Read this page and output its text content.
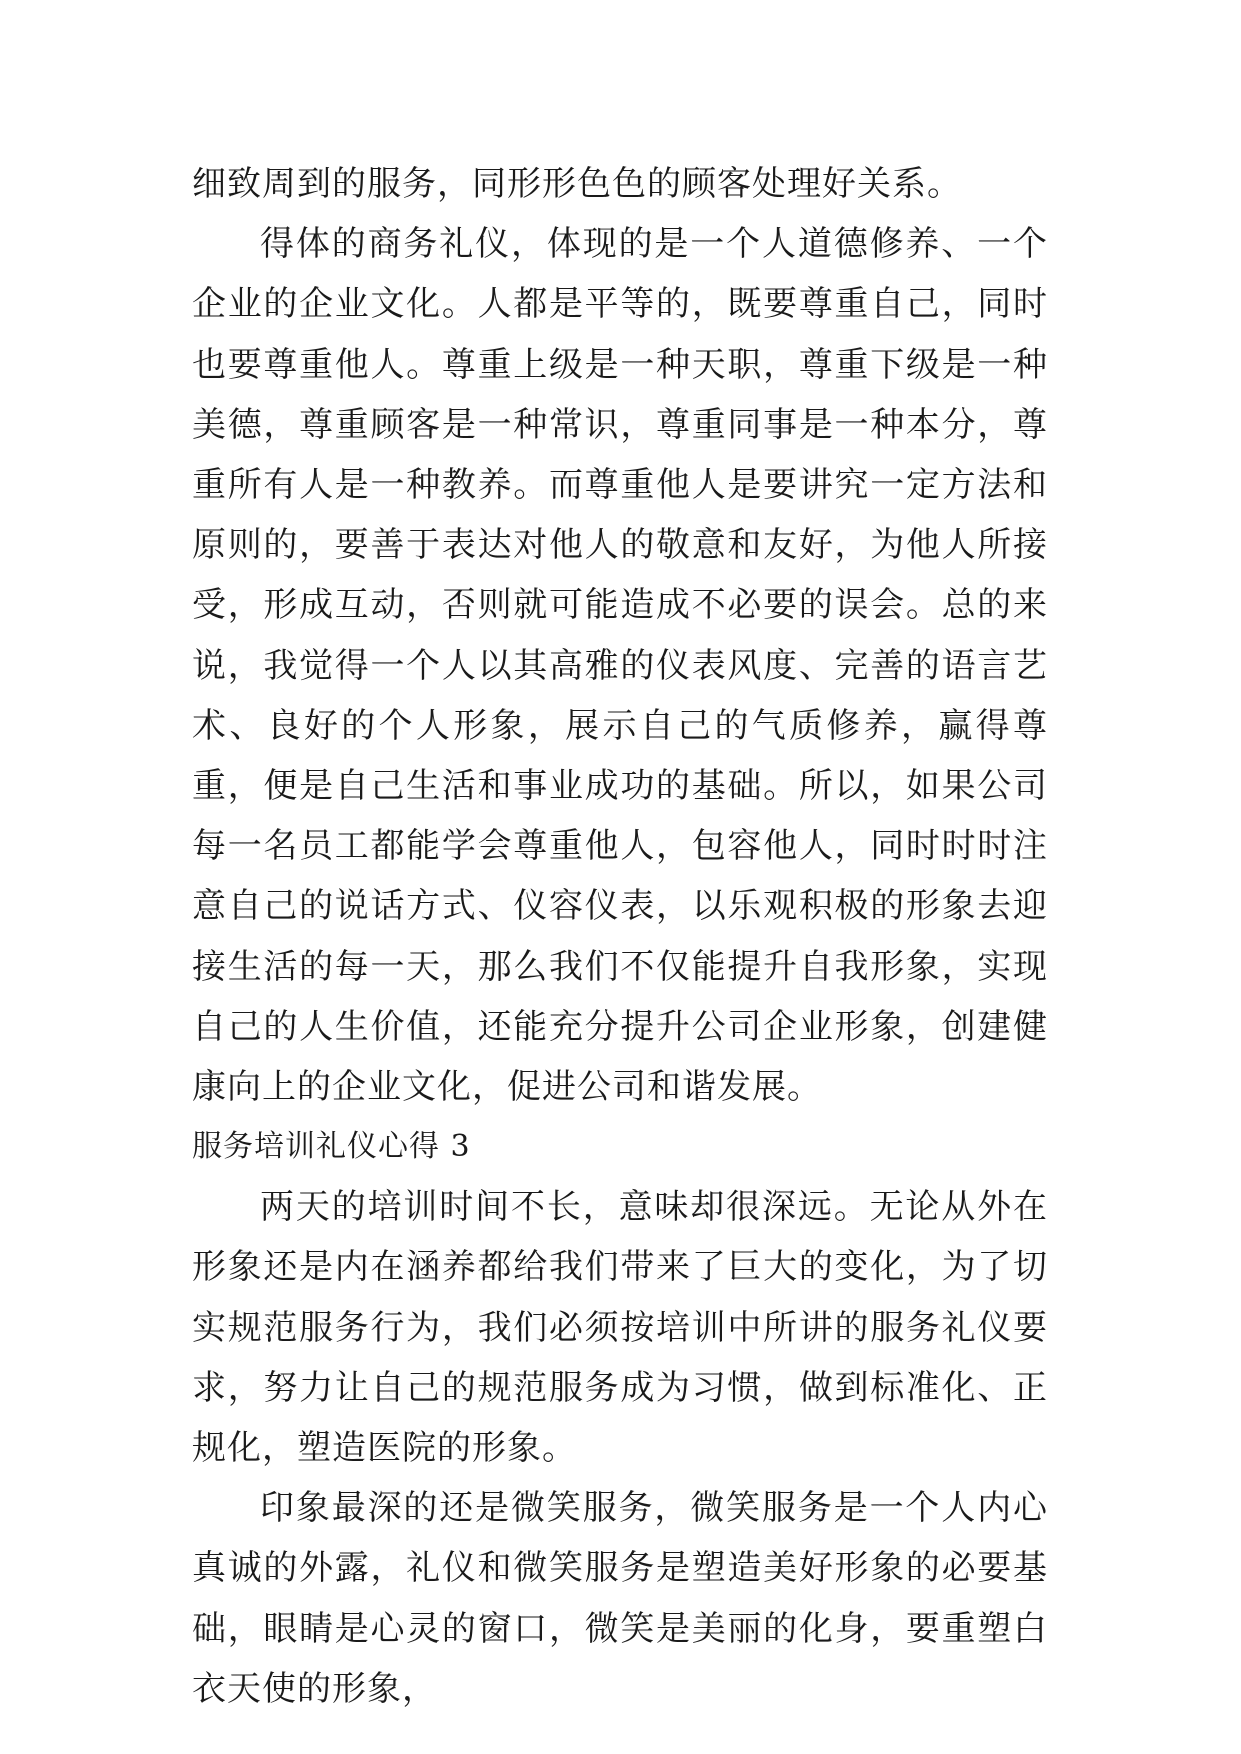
细致周到的服务，同形形色色的顾客处理好关系。

得体的商务礼仪，体现的是一个人道德修养、一个企业的企业文化。人都是平等的，既要尊重自己，同时也要尊重他人。尊重上级是一种天职，尊重下级是一种美德，尊重顾客是一种常识，尊重同事是一种本分，尊重所有人是一种教养。而尊重他人是要讲究一定方法和原则的，要善于表达对他人的敬意和友好，为他人所接受，形成互动，否则就可能造成不必要的误会。总的来说，我觉得一个人以其高雅的仪表风度、完善的语言艺术、良好的个人形象，展示自己的气质修养，赢得尊重，便是自己生活和事业成功的基础。所以，如果公司每一名员工都能学会尊重他人，包容他人，同时时时注意自己的说话方式、仪容仪表，以乐观积极的形象去迎接生活的每一天，那么我们不仅能提升自我形象，实现自己的人生价值，还能充分提升公司企业形象，创建健康向上的企业文化，促进公司和谐发展。

服务培训礼仪心得 3

两天的培训时间不长，意味却很深远。无论从外在形象还是内在涵养都给我们带来了巨大的变化，为了切实规范服务行为，我们必须按培训中所讲的服务礼仪要求，努力让自己的规范服务成为习惯，做到标准化、正规化，塑造医院的形象。

印象最深的还是微笑服务，微笑服务是一个人内心真诚的外露，礼仪和微笑服务是塑造美好形象的必要基础，眼睛是心灵的窗口，微笑是美丽的化身，要重塑白衣天使的形象，
